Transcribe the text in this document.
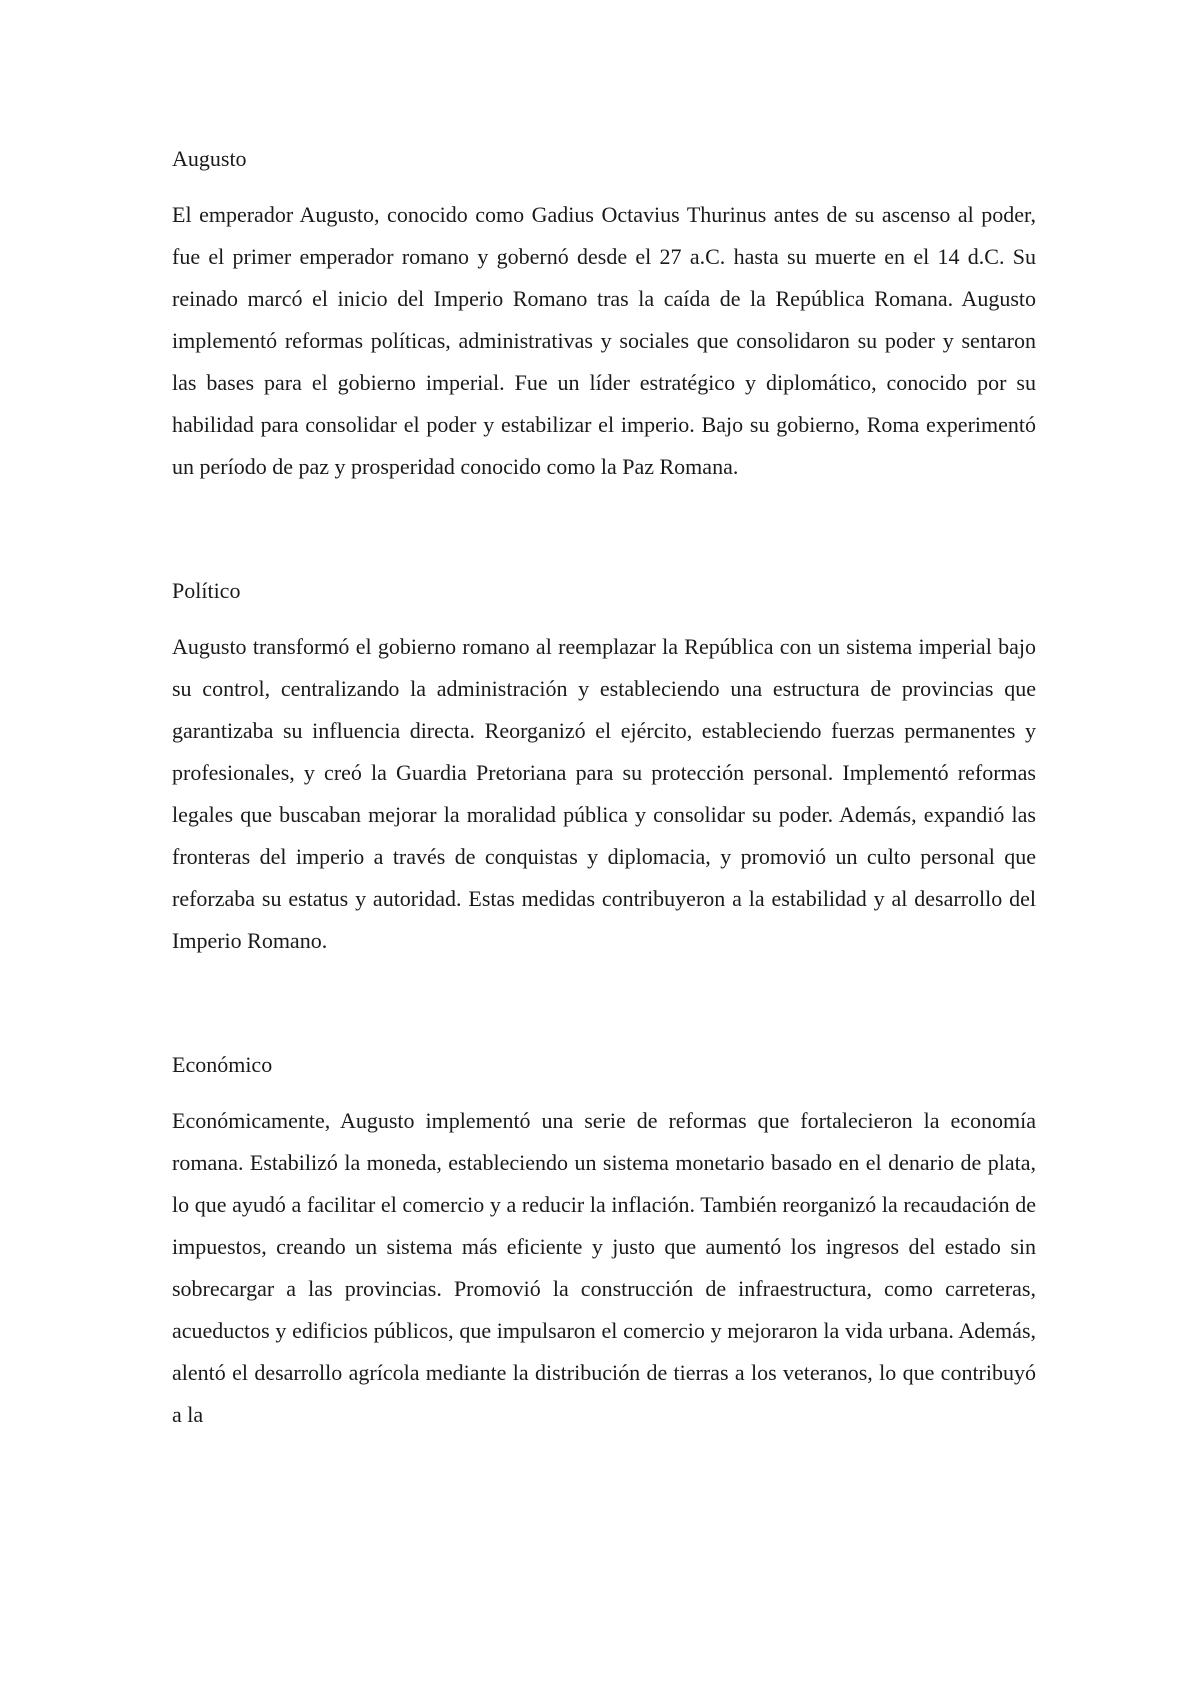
Augusto

El emperador Augusto, conocido como Gadius Octavius Thurinus antes de su ascenso al poder, fue el primer emperador romano y gobernó desde el 27 a.C. hasta su muerte en el 14 d.C. Su reinado marcó el inicio del Imperio Romano tras la caída de la República Romana. Augusto implementó reformas políticas, administrativas y sociales que consolidaron su poder y sentaron las bases para el gobierno imperial. Fue un líder estratégico y diplomático, conocido por su habilidad para consolidar el poder y estabilizar el imperio. Bajo su gobierno, Roma experimentó un período de paz y prosperidad conocido como la Paz Romana.

Político

Augusto transformó el gobierno romano al reemplazar la República con un sistema imperial bajo su control, centralizando la administración y estableciendo una estructura de provincias que garantizaba su influencia directa. Reorganizó el ejército, estableciendo fuerzas permanentes y profesionales, y creó la Guardia Pretoriana para su protección personal. Implementó reformas legales que buscaban mejorar la moralidad pública y consolidar su poder. Además, expandió las fronteras del imperio a través de conquistas y diplomacia, y promovió un culto personal que reforzaba su estatus y autoridad. Estas medidas contribuyeron a la estabilidad y al desarrollo del Imperio Romano.

Económico

Económicamente, Augusto implementó una serie de reformas que fortalecieron la economía romana. Estabilizó la moneda, estableciendo un sistema monetario basado en el denario de plata, lo que ayudó a facilitar el comercio y a reducir la inflación. También reorganizó la recaudación de impuestos, creando un sistema más eficiente y justo que aumentó los ingresos del estado sin sobrecargar a las provincias. Promovió la construcción de infraestructura, como carreteras, acueductos y edificios públicos, que impulsaron el comercio y mejoraron la vida urbana. Además, alentó el desarrollo agrícola mediante la distribución de tierras a los veteranos, lo que contribuyó a la
